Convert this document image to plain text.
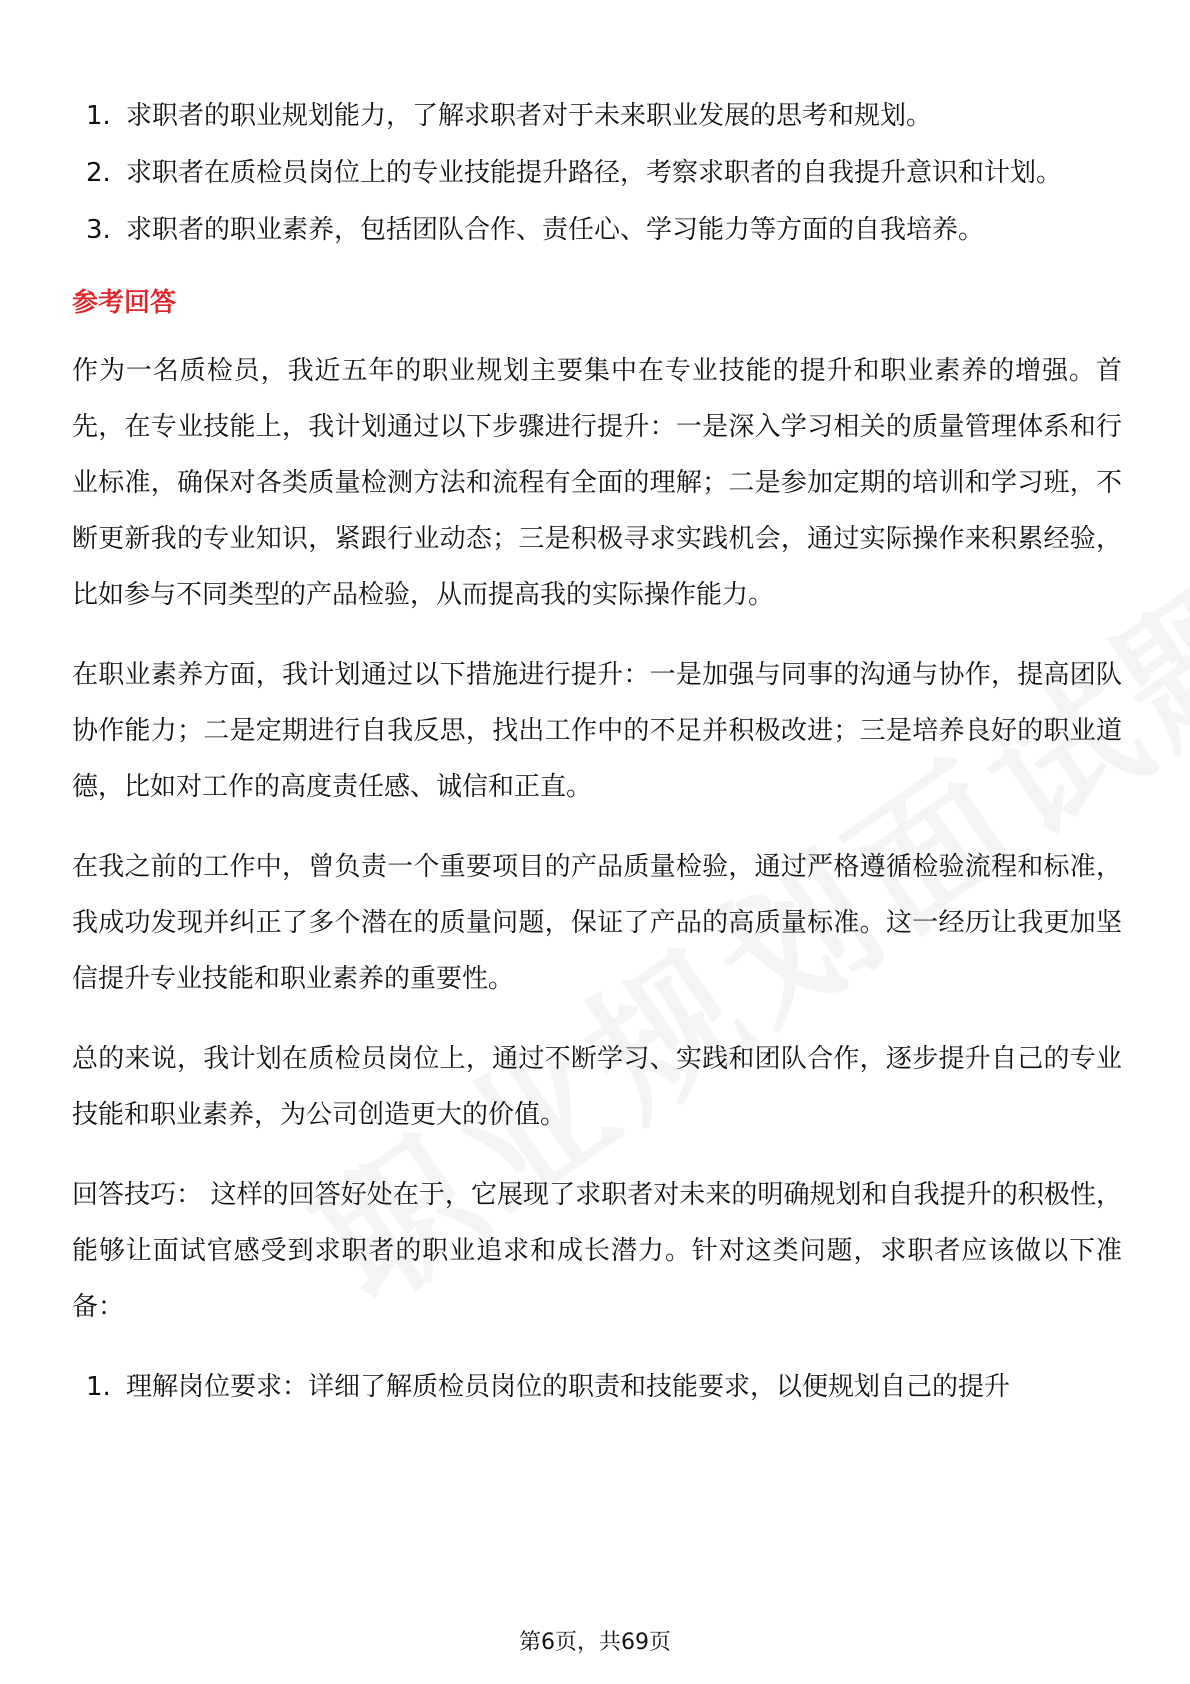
1. 求职者的职业规划能力，了解求职者对于未来职业发展的思考和规划。
2. 求职者在质检员岗位上的专业技能提升路径，考察求职者的自我提升意识和计划。
3. 求职者的职业素养，包括团队合作、责任心、学习能力等方面的自我培养。
参考回答

作为一名质检员，我近五年的职业规划主要集中在专业技能的提升和职业素养的增强。首先，在专业技能上，我计划通过以下步骤进行提升：一是深入学习相关的质量管理体系和行业标准，确保对各类质量检测方法和流程有全面的理解；二是参加定期的培训和学习班，不断更新我的专业知识，紧跟行业动态；三是积极寻求实践机会，通过实际操作来积累经验，比如参与不同类型的产品检验，从而提高我的实际操作能力。

在职业素养方面，我计划通过以下措施进行提升：一是加强与同事的沟通与协作，提高团队协作能力；二是定期进行自我反思，找出工作中的不足并积极改进；三是培养良好的职业道德，比如对工作的高度责任感、诚信和正直。

在我之前的工作中，曾负责一个重要项目的产品质量检验，通过严格遵循检验流程和标准，我成功发现并纠正了多个潜在的质量问题，保证了产品的高质量标准。这一经历让我更加坚信提升专业技能和职业素养的重要性。

总的来说，我计划在质检员岗位上，通过不断学习、实践和团队合作，逐步提升自己的专业技能和职业素养，为公司创造更大的价值。

回答技巧： 这样的回答好处在于，它展现了求职者对未来的明确规划和自我提升的积极性，能够让面试官感受到求职者的职业追求和成长潜力。针对这类问题，求职者应该做以下准备：

1. 理解岗位要求：详细了解质检员岗位的职责和技能要求，以便规划自己的提升
第6页，共69页
